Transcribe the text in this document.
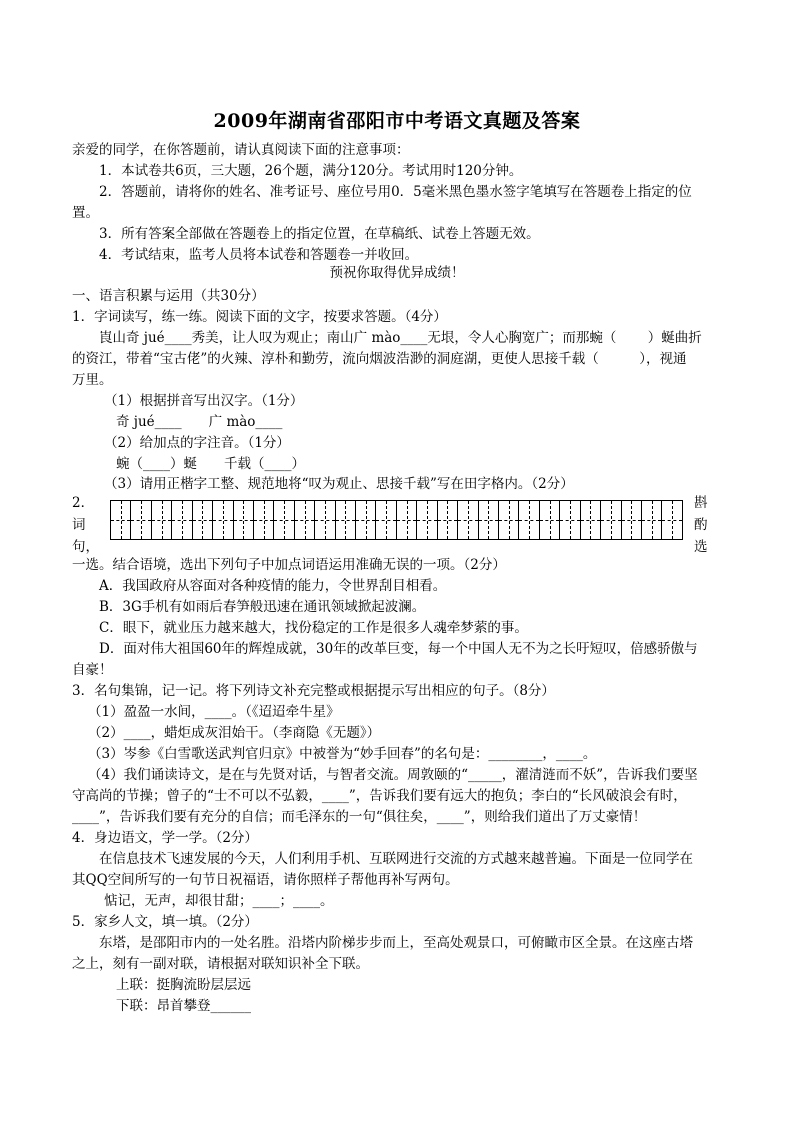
2009年湖南省邵阳市中考语文真题及答案
亲爱的同学，在你答题前，请认真阅读下面的注意事项：
1．本试卷共6页，三大题，26个题，满分120分。考试用时120分钟。
2．答题前，请将你的姓名、准考证号、座位号用0．5毫米黑色墨水签字笔填写在答题卷上指定的位
置。
3．所有答案全部做在答题卷上的指定位置，在草稿纸、试卷上答题无效。
4．考试结束，监考人员将本试卷和答题卷一并收回。
预祝你取得优异成绩！
一、语言积累与运用（共30分）
1．字词读写，练一练。阅读下面的文字，按要求答题。（4分）
崀山奇 jué____秀美，让人叹为观止；南山广 mào____无垠，令人心胸宽广；而那蜿（　　 ）蜒曲折
的资江，带着“宝古佬”的火辣、淳朴和勤劳，流向烟波浩渺的洞庭湖，更使人思接千载（　　　），视通
万里。
（1）根据拼音写出汉字。（1分）
奇 jué____　　广 mào____
（2）给加点的字注音。（1分）
蜿（____）蜒　　千载（____）
（3）请用正楷字工整、规范地将“叹为观止、思接千载”写在田字格内。（2分）
2．
词
句，
斟
酌
选
一选。结合语境，选出下列句子中加点词语运用准确无误的一项。（2分）
A．我国政府从容面对各种疫情的能力，令世界刮目相看。
B．3G手机有如雨后春笋般迅速在通讯领域掀起波澜。
C．眼下，就业压力越来越大，找份稳定的工作是很多人魂牵梦萦的事。
D．面对伟大祖国60年的辉煌成就，30年的改革巨变，每一个中国人无不为之长吁短叹，倍感骄傲与
自豪！
3．名句集锦，记一记。将下列诗文补充完整或根据提示写出相应的句子。（8分）
（1）盈盈一水间，____。（《迢迢牵牛星》
（2）____，蜡炬成灰泪始干。（李商隐《无题》）
（3）岑参《白雪歌送武判官归京》中被誉为“妙手回春”的名句是：________，____。
（4）我们诵读诗文，是在与先贤对话，与智者交流。周敦颐的“_____，濯清涟而不妖”，告诉我们要坚
守高尚的节操；曾子的“士不可以不弘毅，____”，告诉我们要有远大的抱负；李白的“长风破浪会有时，
____”，告诉我们要有充分的自信；而毛泽东的一句“俱往矣，____”，则给我们道出了万丈豪情！
4．身边语文，学一学。（2分）
在信息技术飞速发展的今天，人们利用手机、互联网进行交流的方式越来越普遍。下面是一位同学在
其QQ空间所写的一句节日祝福语，请你照样子帮他再补写两句。
惦记，无声，却很甘甜；____；____。
5．家乡人文，填一填。（2分）
东塔，是邵阳市内的一处名胜。沿塔内阶梯步步而上，至高处观景口，可俯瞰市区全景。在这座古塔
之上，刻有一副对联，请根据对联知识补全下联。
上联：挺胸流盼层层远
下联：昂首攀登______
